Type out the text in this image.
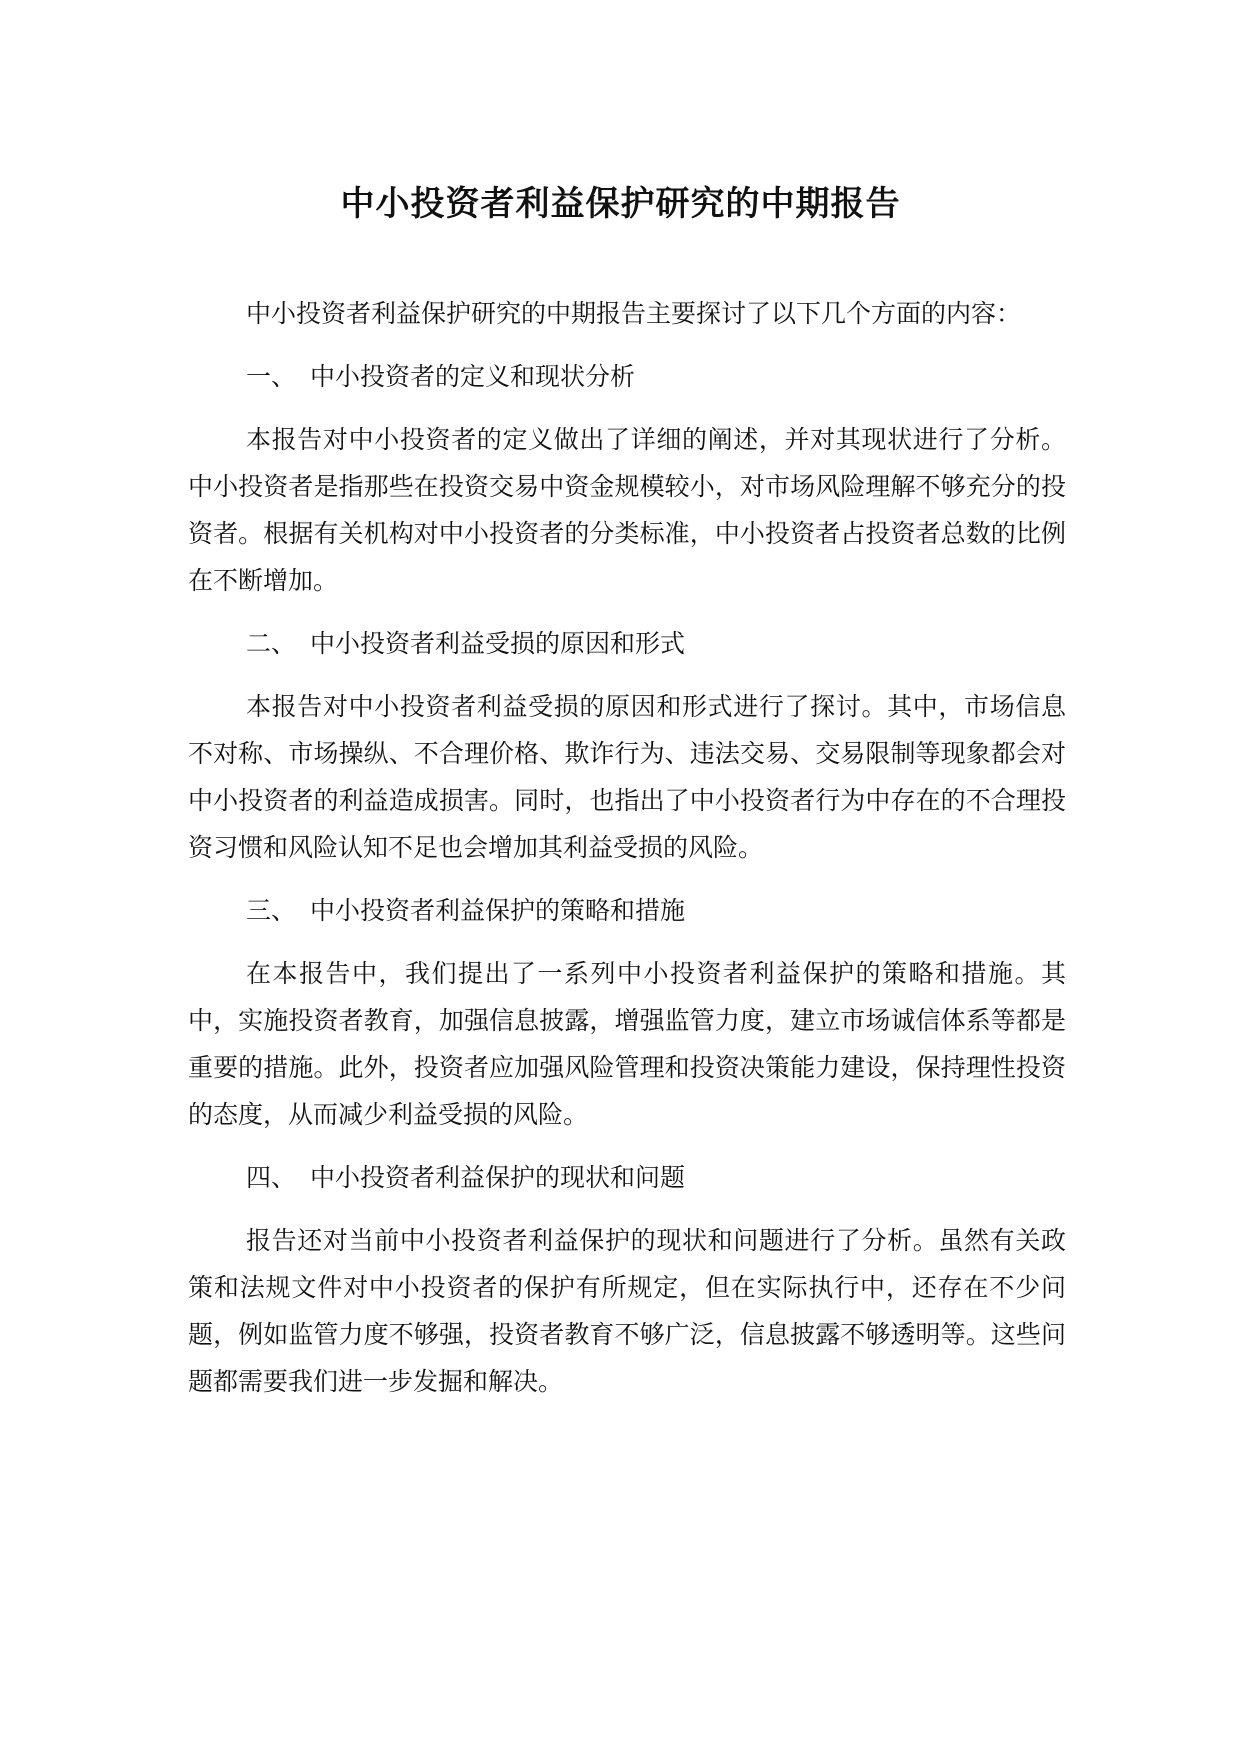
中小投资者利益保护研究的中期报告

中小投资者利益保护研究的中期报告主要探讨了以下几个方面的内容：

一、 中小投资者的定义和现状分析

本报告对中小投资者的定义做出了详细的阐述，并对其现状进行了分析。中小投资者是指那些在投资交易中资金规模较小，对市场风险理解不够充分的投资者。根据有关机构对中小投资者的分类标准，中小投资者占投资者总数的比例在不断增加。

二、 中小投资者利益受损的原因和形式

本报告对中小投资者利益受损的原因和形式进行了探讨。其中，市场信息不对称、市场操纵、不合理价格、欺诈行为、违法交易、交易限制等现象都会对中小投资者的利益造成损害。同时，也指出了中小投资者行为中存在的不合理投资习惯和风险认知不足也会增加其利益受损的风险。

三、 中小投资者利益保护的策略和措施

在本报告中，我们提出了一系列中小投资者利益保护的策略和措施。其中，实施投资者教育，加强信息披露，增强监管力度，建立市场诚信体系等都是重要的措施。此外，投资者应加强风险管理和投资决策能力建设，保持理性投资的态度，从而减少利益受损的风险。

四、 中小投资者利益保护的现状和问题

报告还对当前中小投资者利益保护的现状和问题进行了分析。虽然有关政策和法规文件对中小投资者的保护有所规定，但在实际执行中，还存在不少问题，例如监管力度不够强，投资者教育不够广泛，信息披露不够透明等。这些问题都需要我们进一步发掘和解决。
